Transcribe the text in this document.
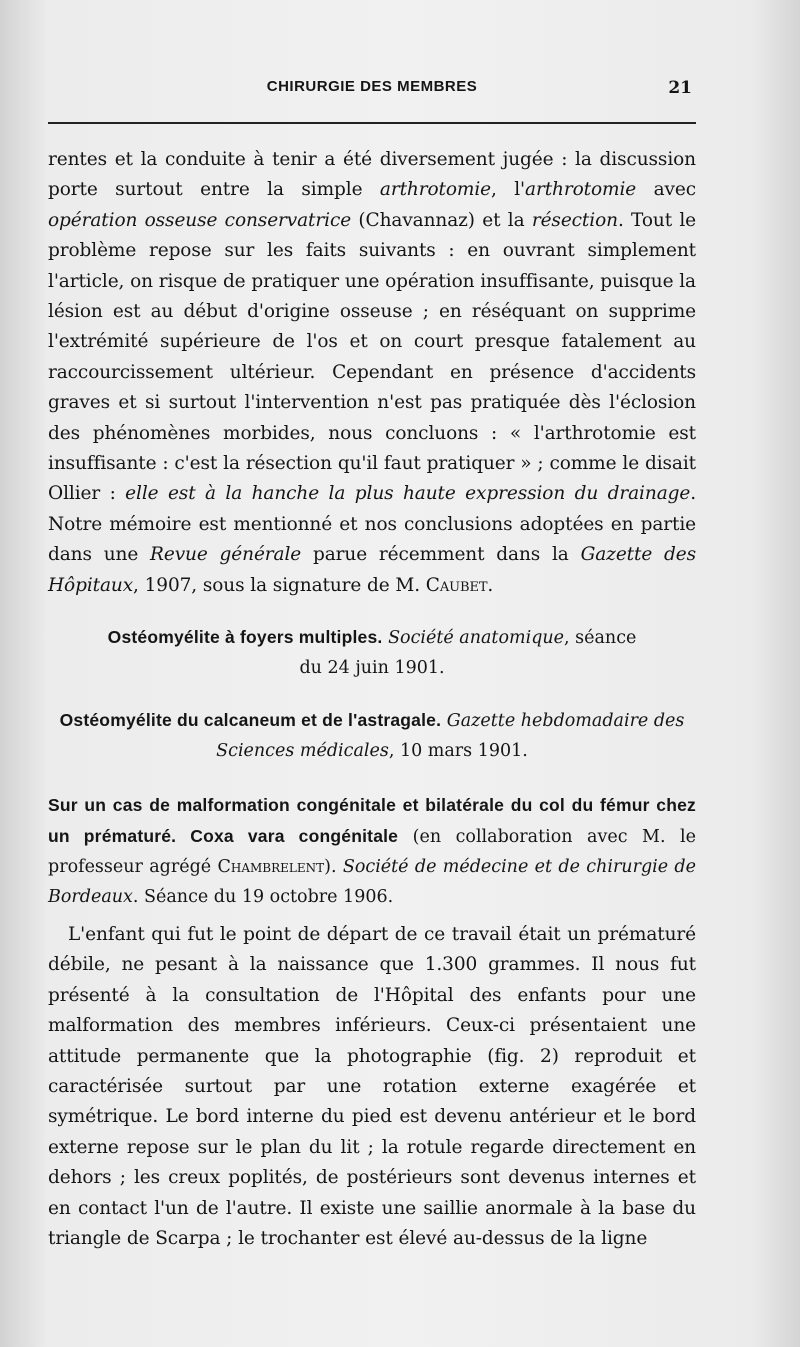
CHIRURGIE DES MEMBRES	21

rentes et la conduite à tenir a été diversement jugée : la discussion porte surtout entre la simple arthrotomie, l'arthrotomie avec opération osseuse conservatrice (Chavannaz) et la résection. Tout le problème repose sur les faits suivants : en ouvrant simplement l'article, on risque de pratiquer une opération insuffisante, puisque la lésion est au début d'origine osseuse ; en réséquant on supprime l'extrémité supérieure de l'os et on court presque fatalement au raccourcissement ultérieur. Cependant en présence d'accidents graves et si surtout l'intervention n'est pas pratiquée dès l'éclosion des phénomènes morbides, nous concluons : « l'arthrotomie est insuffisante : c'est la résection qu'il faut pratiquer » ; comme le disait Ollier : elle est à la hanche la plus haute expression du drainage. Notre mémoire est mentionné et nos conclusions adoptées en partie dans une Revue générale parue récemment dans la Gazette des Hôpitaux, 1907, sous la signature de M. Caubet.

Ostéomyélite à foyers multiples. Société anatomique, séance
du 24 juin 1901.
Ostéomyélite du calcaneum et de l'astragale. Gazette hebdomadaire des Sciences médicales, 10 mars 1901.
Sur un cas de malformation congénitale et bilatérale du col du fémur chez un prématuré. Coxa vara congénitale (en collaboration avec M. le professeur agrégé Chambrelent). Société de médecine et de chirurgie de Bordeaux. Séance du 19 octobre 1906.

L'enfant qui fut le point de départ de ce travail était un prématuré débile, ne pesant à la naissance que 1.300 grammes. Il nous fut présenté à la consultation de l'Hôpital des enfants pour une malformation des membres inférieurs. Ceux-ci présentaient une attitude permanente que la photographie (fig. 2) reproduit et caractérisée surtout par une rotation externe exagérée et symétrique. Le bord interne du pied est devenu antérieur et le bord externe repose sur le plan du lit ; la rotule regarde directement en dehors ; les creux poplités, de postérieurs sont devenus internes et en contact l'un de l'autre. Il existe une saillie anormale à la base du triangle de Scarpa ; le trochanter est élevé au-dessus de la ligne
